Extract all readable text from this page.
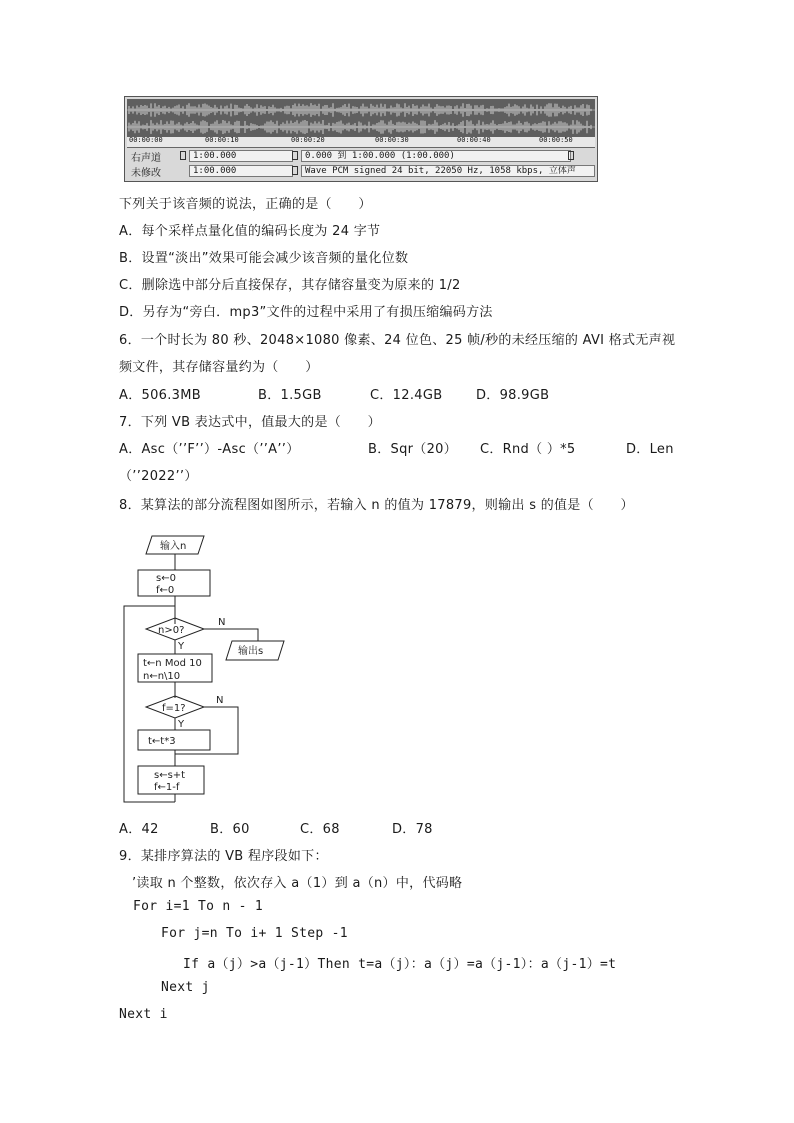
00:00:00	00:00:10	00:00:20	00:00:30	00:00:40	00:00:50
右声道	1:00.000	0.000 到 1:00.000 (1:00.000)
未修改	1:00.000	Wave PCM signed 24 bit, 22050 Hz, 1058 kbps, 立体声
下列关于该音频的说法，正确的是（　　）
A．每个采样点量化值的编码长度为 24 字节
B．设置“淡出”效果可能会减少该音频的量化位数
C．删除选中部分后直接保存，其存储容量变为原来的 1/2
D．另存为“旁白．mp3”文件的过程中采用了有损压缩编码方法
6．一个时长为 80 秒、2048×1080 像素、24 位色、25 帧/秒的未经压缩的 AVI 格式无声视
频文件，其存储容量约为（　　）
A．506.3MB	B．1.5GB	C．12.4GB	D．98.9GB
7．下列 VB 表达式中，值最大的是（　　）
A．Asc（’’F’’）-Asc（’’A’’）	B．Sqr（20） C．Rnd（ ）*5	D．Len
（’’2022’’）
8．某算法的部分流程图如图所示，若输入 n 的值为 17879，则输出 s 的值是（　　）
输入n
s←0
f←0
n>0?
Y
N
输出s
t←n Mod 10
n←n\10
f=1?
Y
N
t←t*3
s←s+t
f←1-f
A．42	B．60	C．68	D．78
9．某排序算法的 VB 程序段如下：
’读取 n 个整数，依次存入 a（1）到 a（n）中，代码略
For i=1 To n - 1
For j=n To i+ 1 Step -1
If a（j）>a（j-1）Then t=a（j）：a（j）=a（j-1）：a（j-1）=t
Next j
Next i
